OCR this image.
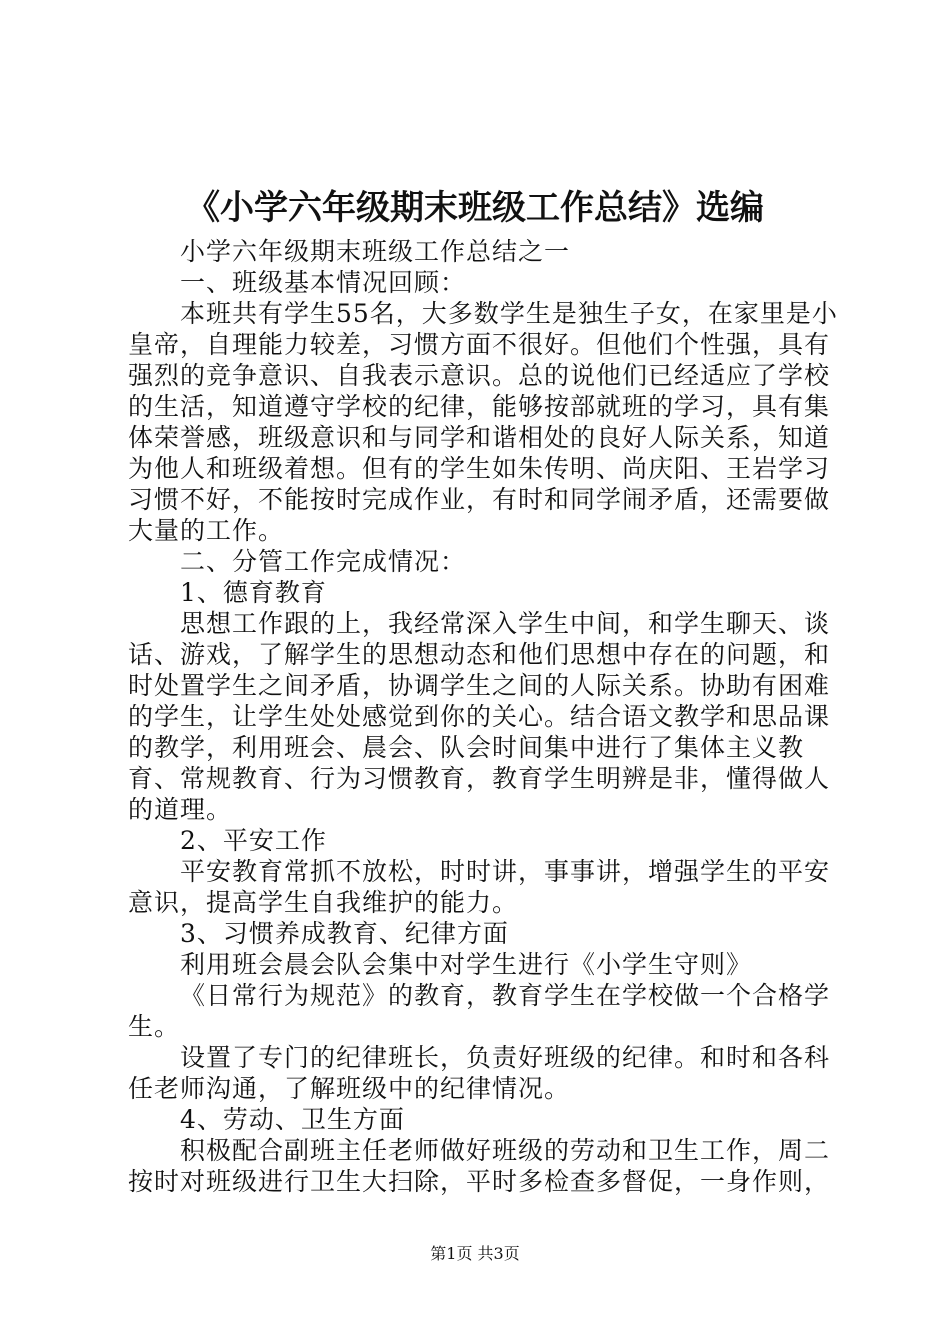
《小学六年级期末班级工作总结》选编

小学六年级期末班级工作总结之一

一、班级基本情况回顾：

本班共有学生55名，大多数学生是独生子女，在家里是小皇帝，自理能力较差，习惯方面不很好。但他们个性强，具有强烈的竞争意识、自我表示意识。总的说他们已经适应了学校的生活，知道遵守学校的纪律，能够按部就班的学习，具有集体荣誉感，班级意识和与同学和谐相处的良好人际关系，知道为他人和班级着想。但有的学生如朱传明、尚庆阳、王岩学习习惯不好，不能按时完成作业，有时和同学闹矛盾，还需要做大量的工作。

二、分管工作完成情况：

1、德育教育

思想工作跟的上，我经常深入学生中间，和学生聊天、谈话、游戏，了解学生的思想动态和他们思想中存在的问题，和时处置学生之间矛盾，协调学生之间的人际关系。协助有困难的学生，让学生处处感觉到你的关心。结合语文教学和思品课的教学，利用班会、晨会、队会时间集中进行了集体主义教育、常规教育、行为习惯教育，教育学生明辨是非，懂得做人的道理。

2、平安工作

平安教育常抓不放松，时时讲，事事讲，增强学生的平安意识，提高学生自我维护的能力。

3、习惯养成教育、纪律方面

利用班会晨会队会集中对学生进行《小学生守则》

《日常行为规范》的教育，教育学生在学校做一个合格学生。

设置了专门的纪律班长，负责好班级的纪律。和时和各科任老师沟通，了解班级中的纪律情况。

4、劳动、卫生方面

积极配合副班主任老师做好班级的劳动和卫生工作，周二按时对班级进行卫生大扫除，平时多检查多督促，一身作则，

第1页 共3页
